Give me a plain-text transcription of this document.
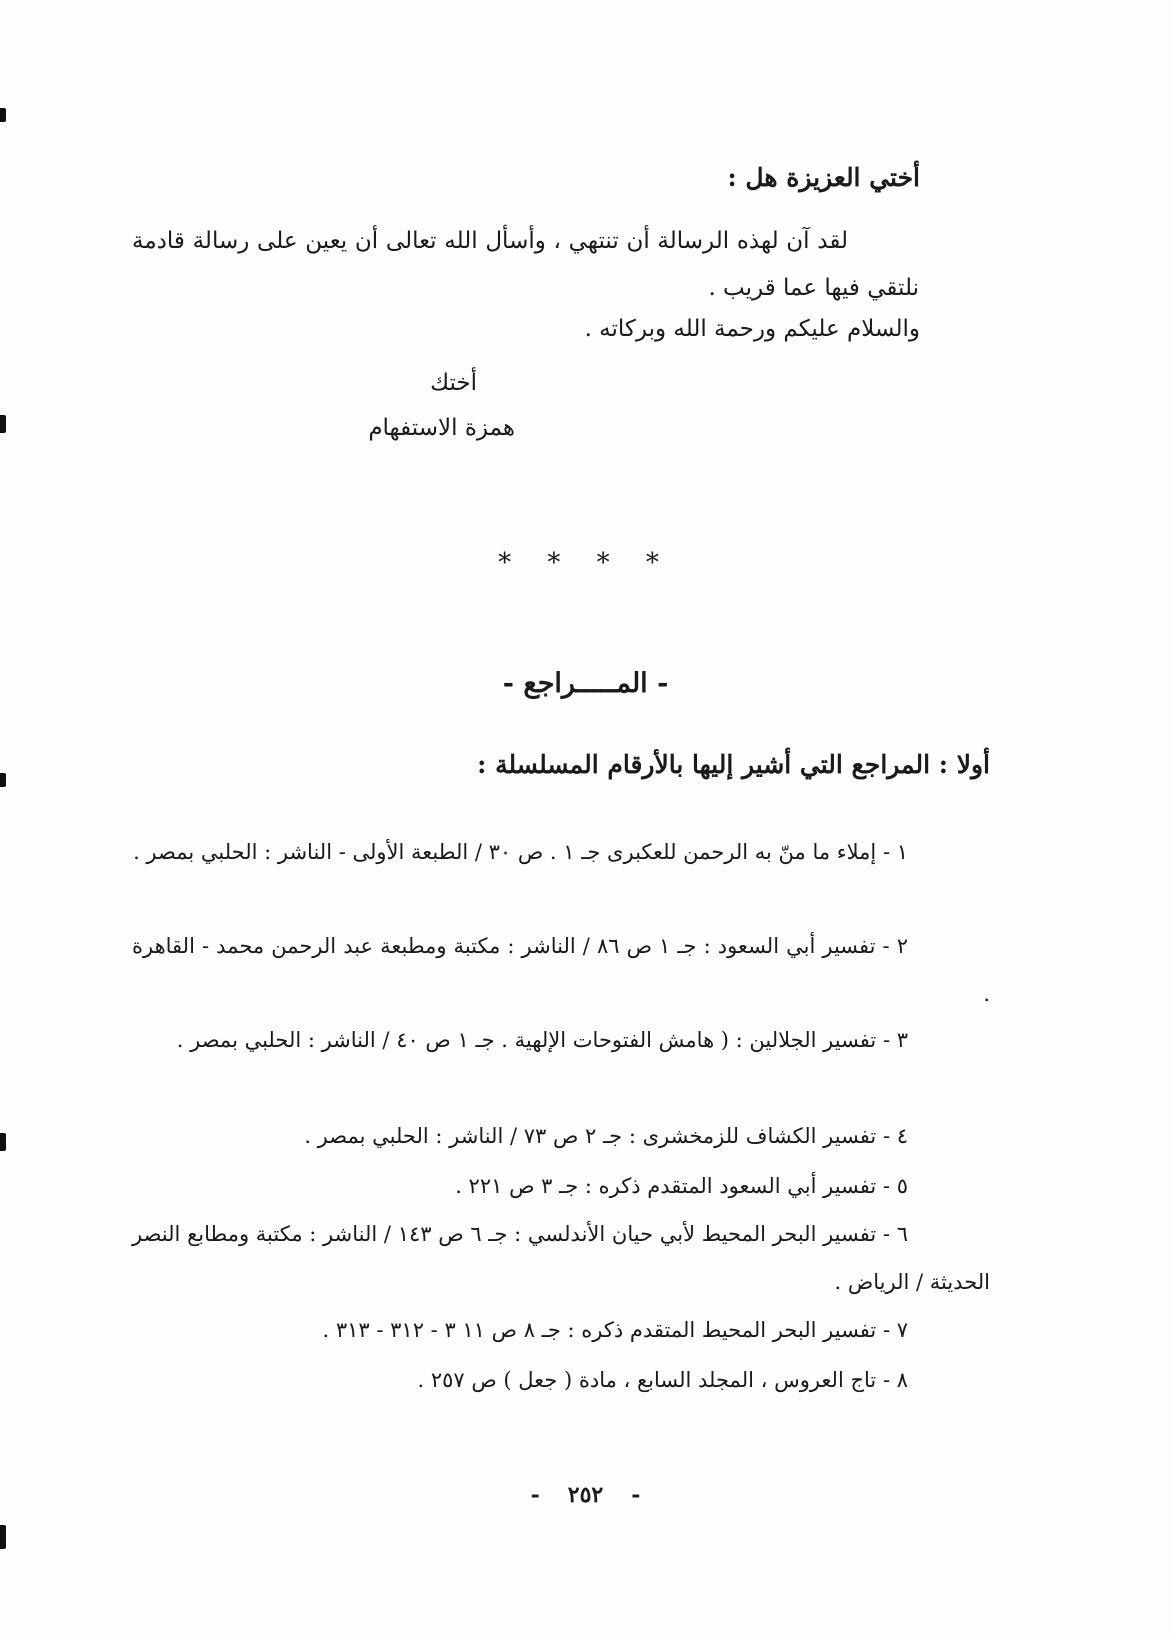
أختي العزيزة هل :
لقد آن لهذه الرسالة أن تنتهي ، وأسأل الله تعالى أن يعين على رسالة قادمة نلتقي فيها عما قريب .
والسلام عليكم ورحمة الله وبركاته .
أختك
همزة الاستفهام
* * * *
- المـــــراجع -
أولا : المراجع التي أشير إليها بالأرقام المسلسلة :

١ - إملاء ما منّ به الرحمن للعكبرى جـ ١ . ص ٣٠ / الطبعة الأولى - الناشر : الحلبي بمصر .

٢ - تفسير أبي السعود : جـ ١ ص ٨٦ / الناشر : مكتبة ومطبعة عبد الرحمن محمد - القاهرة .

٣ - تفسير الجلالين : ( هامش الفتوحات الإلهية . جـ ١ ص ٤٠ / الناشر : الحلبي بمصر .

٤ - تفسير الكشاف للزمخشرى : جـ ٢ ص ٧٣ / الناشر : الحلبي بمصر .

٥ - تفسير أبي السعود المتقدم ذكره : جـ ٣ ص ٢٢١ .

٦ - تفسير البحر المحيط لأبي حيان الأندلسي : جـ ٦ ص ١٤٣ / الناشر : مكتبة ومطابع النصر الحديثة / الرياض .

٧ - تفسير البحر المحيط المتقدم ذكره : جـ ٨ ص ١١ ٣ - ٣١٢ - ٣١٣ .

٨ - تاج العروس ، المجلد السابع ، مادة ( جعل ) ص ٢٥٧ .

- ٢٥٢ -
